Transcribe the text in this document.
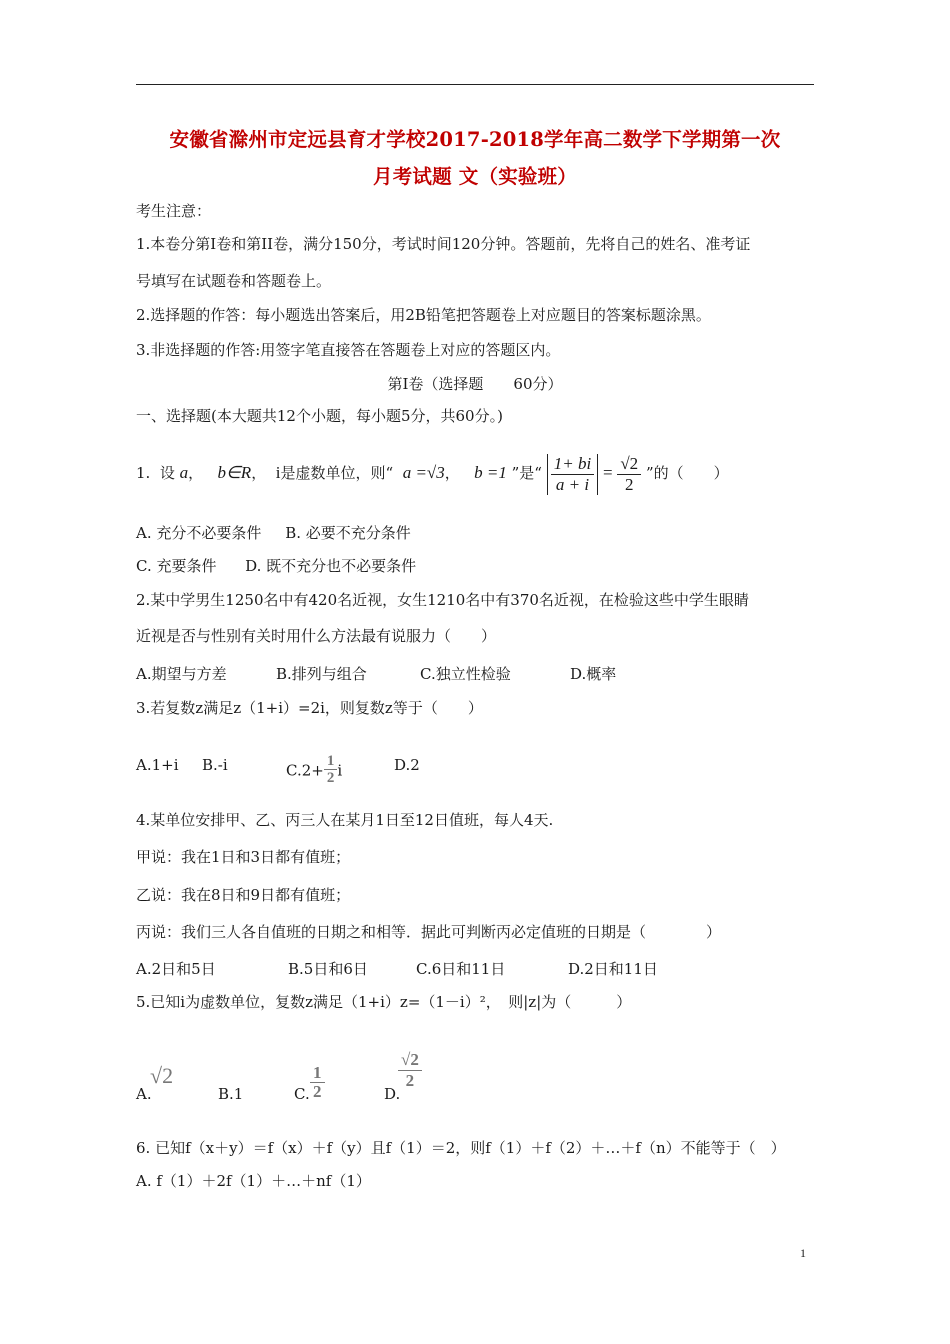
安徽省滁州市定远县育才学校2017-2018学年高二数学下学期第一次
月考试题 文（实验班）
考生注意：
1.本卷分第Ⅰ卷和第II卷，满分150分，考试时间120分钟。答题前，先将自己的姓名、准考证
号填写在试题卷和答题卷上。
2.选择题的作答：每小题选出答案后，用2B铅笔把答题卷上对应题目的答案标题涂黑。
3.非选择题的作答:用签字笔直接答在答题卷上对应的答题区内。
第I卷（选择题　　60分）
一、选择题(本大题共12个小题，每小题5分，共60分。)
1. 设 a， b∈R， i是虚数单位，则“ a =√3， b =1 ”是“ $\frac{1+ bi}{a + i} = \frac{√2}{2}$ ”的（　　）
A. 充分不必要条件 B. 必要不充分条件
C. 充要条件 D. 既不充分也不必要条件
2.某中学男生1250名中有420名近视，女生1210名中有370名近视，在检验这些中学生眼睛
近视是否与性别有关时用什么方法最有说服力（　　）
A.期望与方差	B.排列与组合	C.独立性检验	D.概率
3.若复数z满足z（1+i）=2i，则复数z等于（　　）
A.1+i B.-i	$C.2+ \frac{1}{2}$ i	D.2
4.某单位安排甲、乙、丙三人在某月1日至12日值班，每人4天.
甲说：我在1日和3日都有值班；
乙说：我在8日和9日都有值班；
丙说：我们三人各自值班的日期之和相等．据此可判断丙必定值班的日期是（　　　　）
A.2日和5日	B.5日和6日	C.6日和11日	D.2日和11日
5.已知i为虚数单位，复数z满足（1+i）z=（1－i）²，　则|z|为（　　　）
A.
√2
B.1	C. $\frac{1}{2}$	D.
$\frac{√2}{2}$
6. 已知f（x＋y）＝f（x）＋f（y）且f（1）＝2，则f（1）＋f（2）＋…＋f（n）不能等于（　）
A. f（1）＋2f（1）＋…＋nf（1）
1
